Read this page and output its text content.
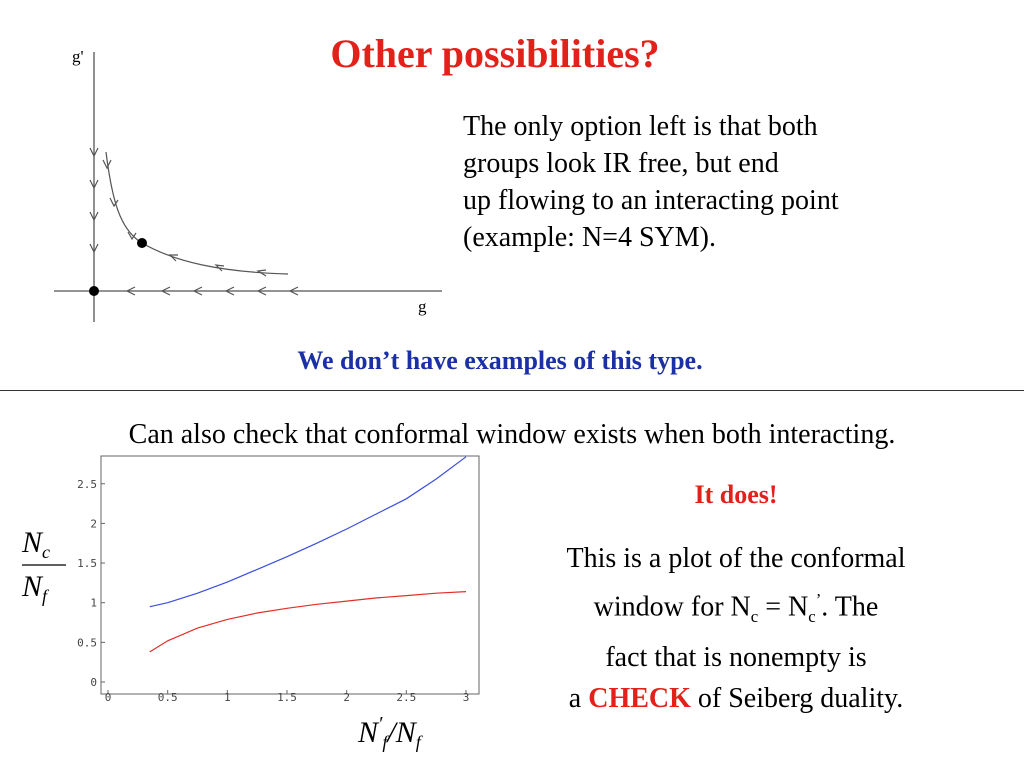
Other possibilities?
g
g'
The only option left is that both
groups look IR free, but end
up flowing to an interacting point
(example: N=4 SYM).
We don’t have examples of this type.
Can also check that conformal window exists when both interacting.
0	0.5	1	1.5	2	2.5	3
0
0.5
1
1.5
2
2.5
$N_c$
$N_f$
$N'_f/N_f$
It does!
This is a plot of the conformal
window for $N_c = N_c^’$. The
fact that is nonempty is
a CHECK of Seiberg duality.
